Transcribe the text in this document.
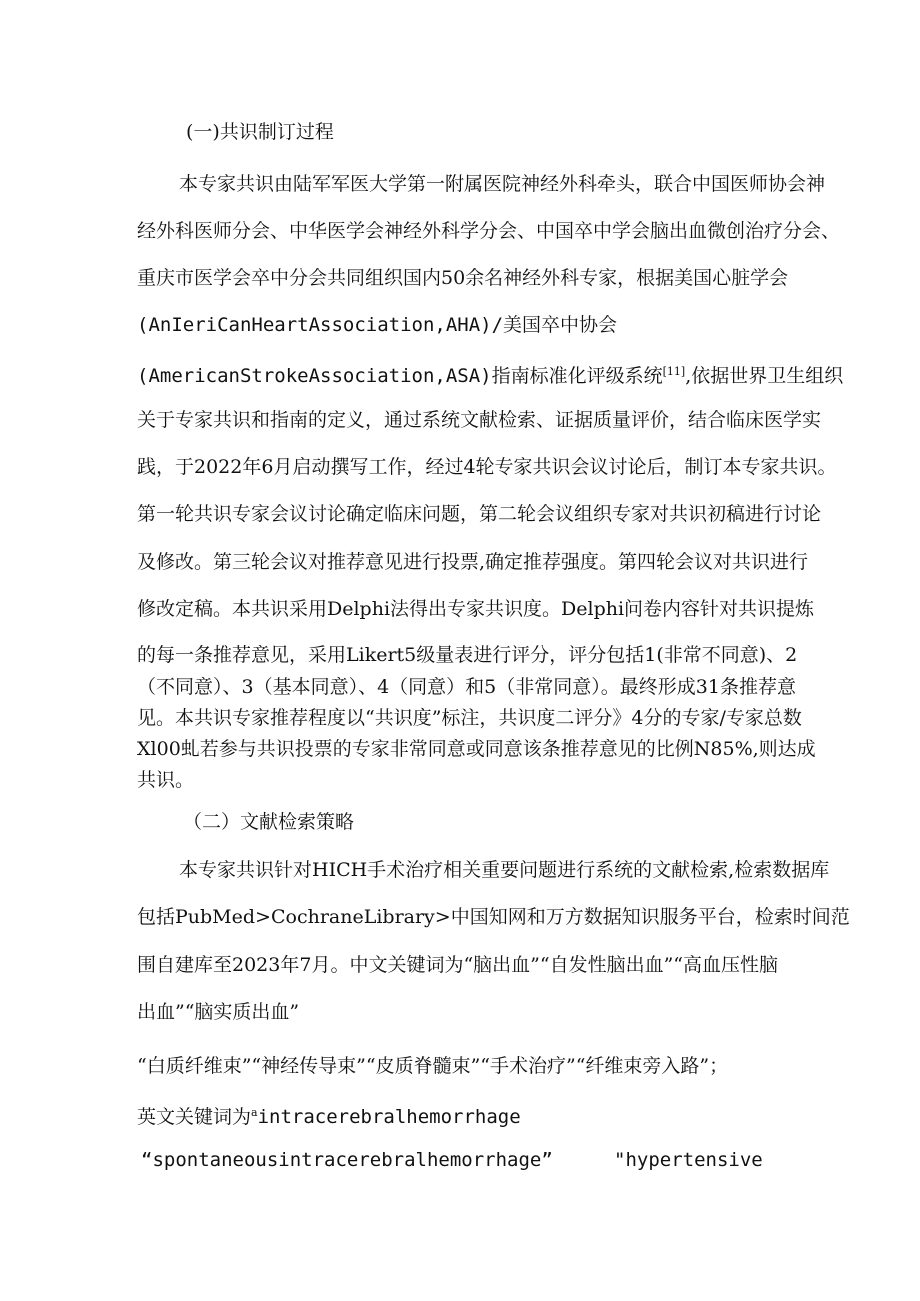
(一)共识制订过程
本专家共识由陆军军医大学第一附属医院神经外科牵头，联合中国医师协会神
经外科医师分会、中华医学会神经外科学分会、中国卒中学会脑出血微创治疗分会、
重庆市医学会卒中分会共同组织国内50余名神经外科专家，根据美国心脏学会
(AnIeriCanHeartAssociation,AHA)/美国卒中协会
(AmericanStrokeAssociation,ASA)指南标准化评级系统[11],依据世界卫生组织
关于专家共识和指南的定义，通过系统文献检索、证据质量评价，结合临床医学实
践，于2022年6月启动撰写工作，经过4轮专家共识会议讨论后，制订本专家共识。
第一轮共识专家会议讨论确定临床问题，第二轮会议组织专家对共识初稿进行讨论
及修改。第三轮会议对推荐意见进行投票,确定推荐强度。第四轮会议对共识进行
修改定稿。本共识采用Delphi法得出专家共识度。Delphi问卷内容针对共识提炼
的每一条推荐意见，采用Likert5级量表进行评分，评分包括1(非常不同意)、2
（不同意）、3（基本同意）、4（同意）和5（非常同意）。最终形成31条推荐意
见。本共识专家推荐程度以“共识度”标注，共识度二评分》4分的专家/专家总数
Xl00虬若参与共识投票的专家非常同意或同意该条推荐意见的比例N85%,则达成
共识。
（二）文献检索策略
本专家共识针对HICH手术治疗相关重要问题进行系统的文献检索,检索数据库
包括PubMed>CochraneLibrary>中国知网和万方数据知识服务平台，检索时间范
围自建库至2023年7月。中文关键词为“脑出血”“自发性脑出血”“高血压性脑
出血”“脑实质出血”
“白质纤维束”“神经传导束”“皮质脊髓束”“手术治疗”“纤维束旁入路”；
英文关键词为$^a$intracerebralhemorrhage
“spontaneousintracerebralhemorrhage”	"hypertensive
